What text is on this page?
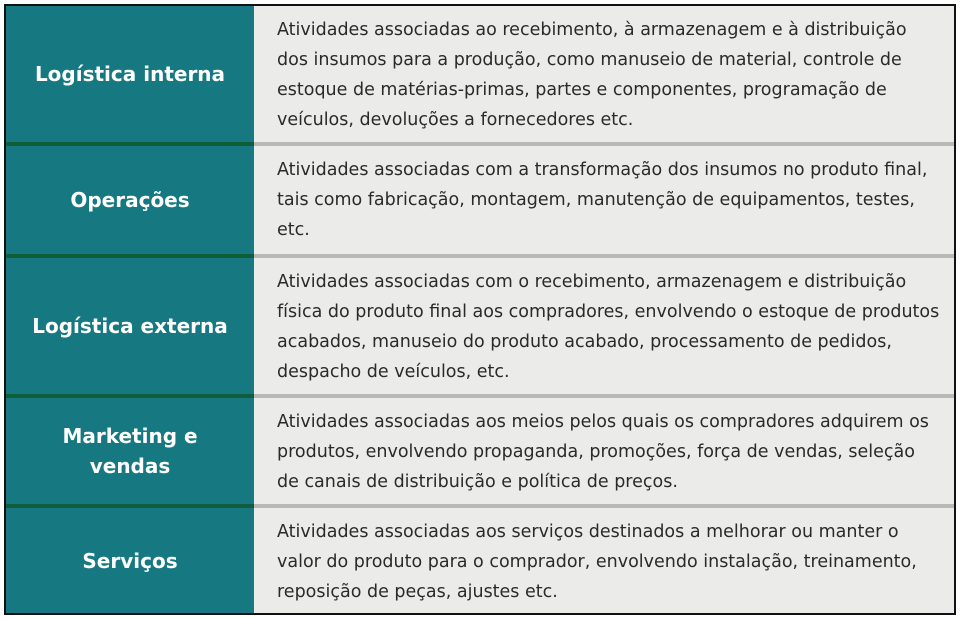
Logística interna
Atividades associadas ao recebimento, à armazenagem e à distribuição dos insumos para a produção, como manuseio de material, controle de estoque de matérias-primas, partes e componentes, programação de veículos, devoluções a fornecedores etc.
Operações
Atividades associadas com a transformação dos insumos no produto final, tais como fabricação, montagem, manutenção de equipamentos, testes, etc.
Logística externa
Atividades associadas com o recebimento, armazenagem e distribuição física do produto final aos compradores, envolvendo o estoque de produtos acabados, manuseio do produto acabado, processamento de pedidos, despacho de veículos, etc.
Marketing e vendas
Atividades associadas aos meios pelos quais os compradores adquirem os produtos, envolvendo propaganda, promoções, força de vendas, seleção de canais de distribuição e política de preços.
Serviços
Atividades associadas aos serviços destinados a melhorar ou manter o valor do produto para o comprador, envolvendo instalação, treinamento, reposição de peças, ajustes etc.
